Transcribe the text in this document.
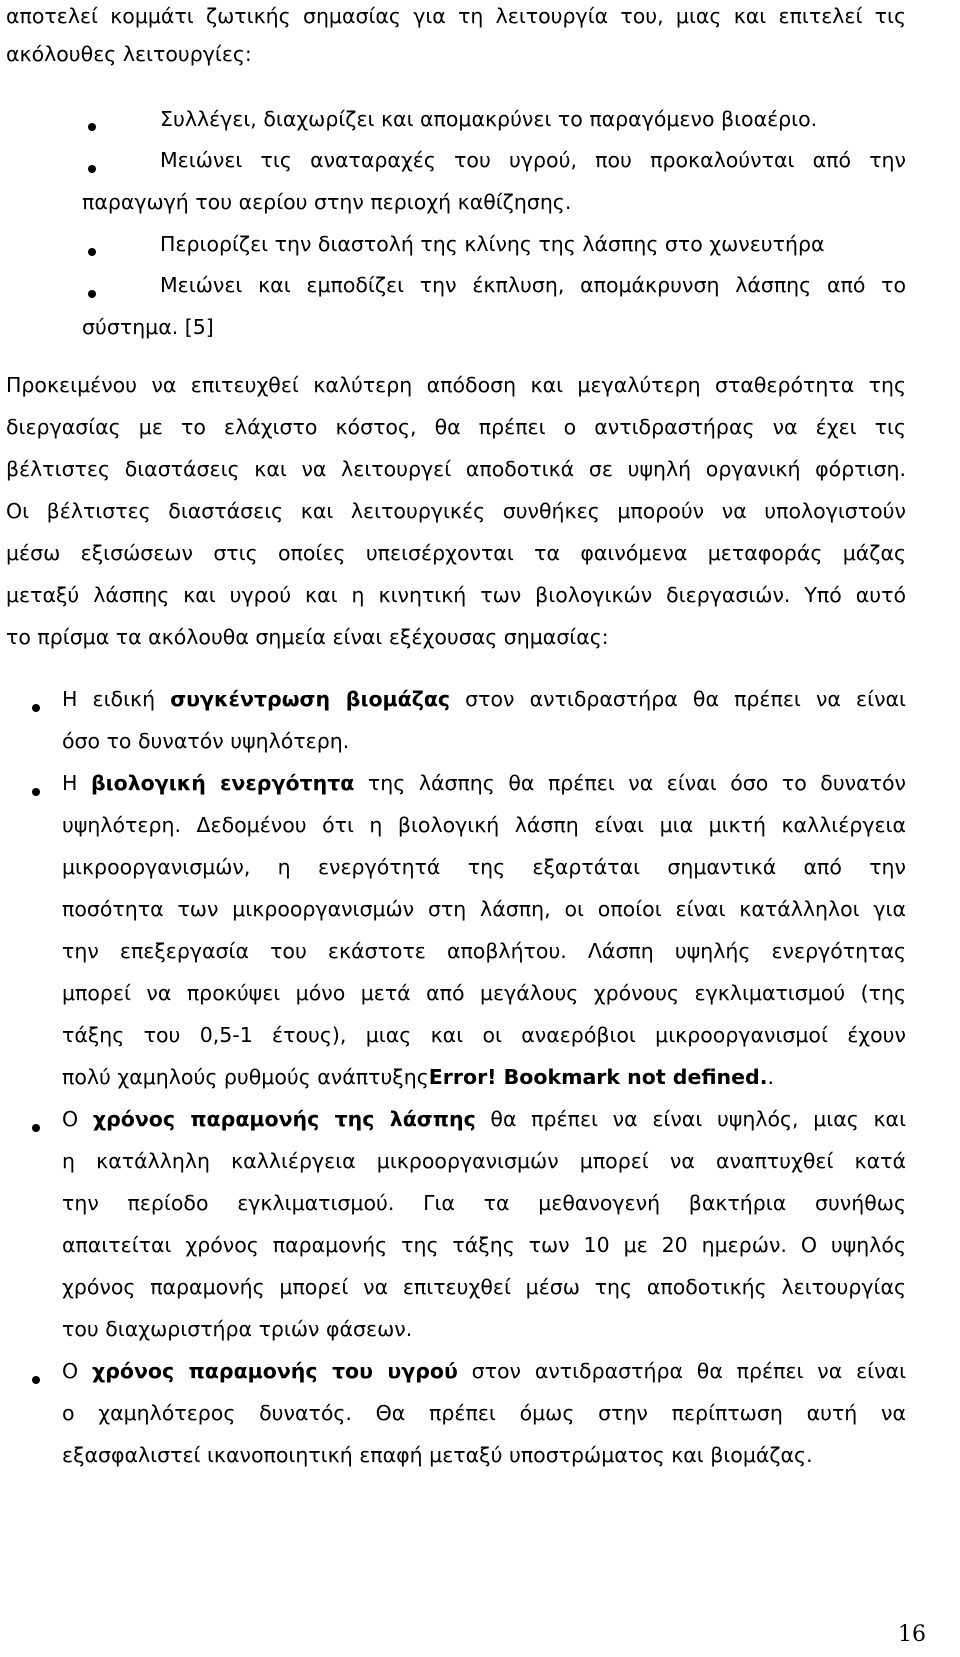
αποτελεί κομμάτι ζωτικής σημασίας για τη λειτουργία του, μιας και επιτελεί τις
ακόλουθες λειτουργίες:
Συλλέγει, διαχωρίζει και απομακρύνει το παραγόμενο βιοαέριο.
Μειώνει τις αναταραχές του υγρού, που προκαλούνται από την
παραγωγή του αερίου στην περιοχή καθίζησης.
Περιορίζει την διαστολή της κλίνης της λάσπης στο χωνευτήρα
Μειώνει και εμποδίζει την έκπλυση, απομάκρυνση λάσπης από το
σύστημα. [5]
Προκειμένου να επιτευχθεί καλύτερη απόδοση και μεγαλύτερη σταθερότητα της
διεργασίας με το ελάχιστο κόστος, θα πρέπει ο αντιδραστήρας να έχει τις
βέλτιστες διαστάσεις και να λειτουργεί αποδοτικά σε υψηλή οργανική φόρτιση.
Οι βέλτιστες διαστάσεις και λειτουργικές συνθήκες μπορούν να υπολογιστούν
μέσω εξισώσεων στις οποίες υπεισέρχονται τα φαινόμενα μεταφοράς μάζας
μεταξύ λάσπης και υγρού και η κινητική των βιολογικών διεργασιών. Υπό αυτό
το πρίσμα τα ακόλουθα σημεία είναι εξέχουσας σημασίας:
Η ειδική συγκέντρωση βιομάζας στον αντιδραστήρα θα πρέπει να είναι
όσο το δυνατόν υψηλότερη.
Η βιολογική ενεργότητα της λάσπης θα πρέπει να είναι όσο το δυνατόν
υψηλότερη. Δεδομένου ότι η βιολογική λάσπη είναι μια μικτή καλλιέργεια
μικροοργανισμών, η ενεργότητά της εξαρτάται σημαντικά από την
ποσότητα των μικροοργανισμών στη λάσπη, οι οποίοι είναι κατάλληλοι για
την επεξεργασία του εκάστοτε αποβλήτου. Λάσπη υψηλής ενεργότητας
μπορεί να προκύψει μόνο μετά από μεγάλους χρόνους εγκλιματισμού (της
τάξης του 0,5-1 έτους), μιας και οι αναερόβιοι μικροοργανισμοί έχουν
πολύ χαμηλούς ρυθμούς ανάπτυξηςError! Bookmark not defined..
Ο χρόνος παραμονής της λάσπης θα πρέπει να είναι υψηλός, μιας και
η κατάλληλη καλλιέργεια μικροοργανισμών μπορεί να αναπτυχθεί κατά
την περίοδο εγκλιματισμού. Για τα μεθανογενή βακτήρια συνήθως
απαιτείται χρόνος παραμονής της τάξης των 10 με 20 ημερών. Ο υψηλός
χρόνος παραμονής μπορεί να επιτευχθεί μέσω της αποδοτικής λειτουργίας
του διαχωριστήρα τριών φάσεων.
Ο χρόνος παραμονής του υγρού στον αντιδραστήρα θα πρέπει να είναι
ο χαμηλότερος δυνατός. Θα πρέπει όμως στην περίπτωση αυτή να
εξασφαλιστεί ικανοποιητική επαφή μεταξύ υποστρώματος και βιομάζας.
16
